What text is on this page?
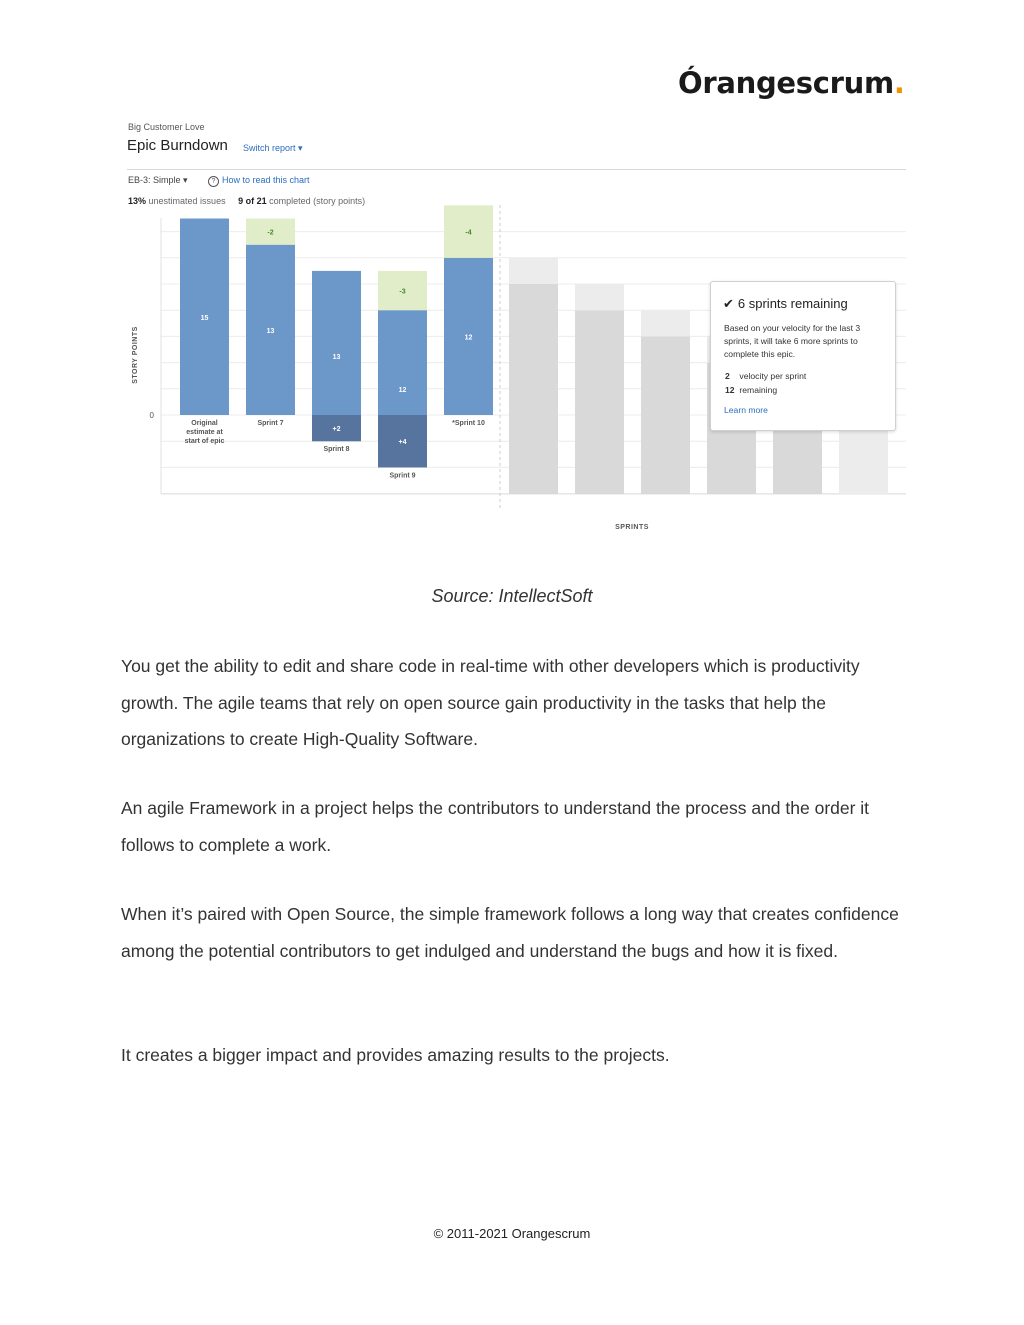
Órangescrum.
Big Customer Love
Epic Burndown Switch report ▾
EB-3: Simple ▾	? How to read this chart
13% unestimated issues 9 of 21 completed (story points)
0
STORY POINTS
15
Original
estimate at
start of epic
13
-2
Sprint 7
13
+2
Sprint 8
12
+4
-3
Sprint 9
12
-4
*Sprint 10
SPRINTS
✔ 6 sprints remaining
Based on your velocity for the last 3 sprints, it will take 6 more sprints to complete this epic.
2 velocity per sprint
12 remaining
Learn more
Source: IntellectSoft

You get the ability to edit and share code in real-time with other developers which is productivity growth. The agile teams that rely on open source gain productivity in the tasks that help the organizations to create High-Quality Software.

An agile Framework in a project helps the contributors to understand the process and the order it follows to complete a work.

When it’s paired with Open Source, the simple framework follows a long way that creates confidence among the potential contributors to get indulged and understand the bugs and how it is fixed.

It creates a bigger impact and provides amazing results to the projects.

© 2011-2021 Orangescrum
